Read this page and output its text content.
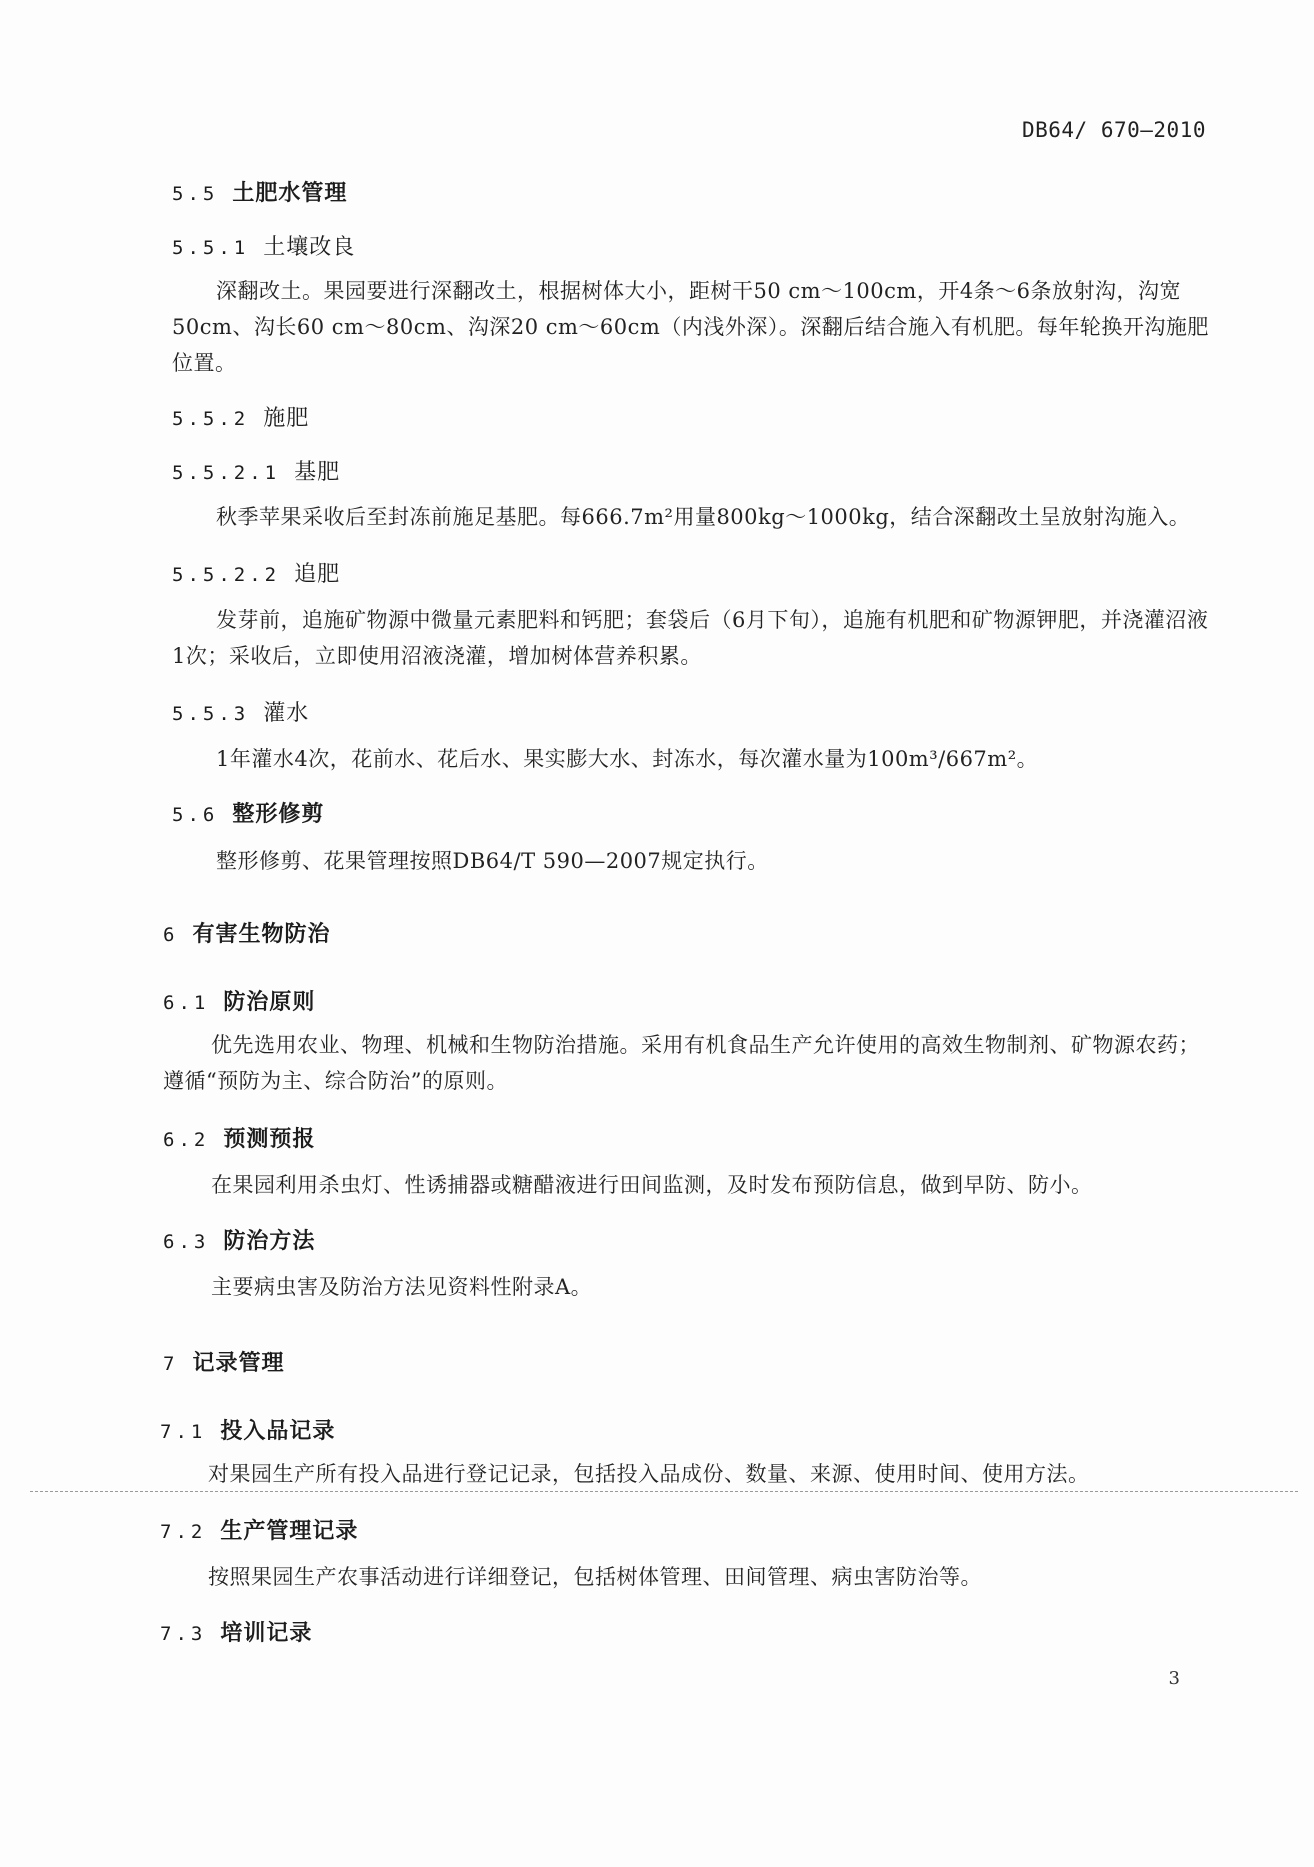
DB64/ 670—2010
5.5 土肥水管理
5.5.1 土壤改良
深翻改土。果园要进行深翻改土，根据树体大小，距树干50 cm～100cm，开4条～6条放射沟，沟宽50cm、沟长60 cm～80cm、沟深20 cm～60cm（内浅外深）。深翻后结合施入有机肥。每年轮换开沟施肥位置。
5.5.2 施肥
5.5.2.1 基肥
秋季苹果采收后至封冻前施足基肥。每666.7m²用量800kg～1000kg，结合深翻改土呈放射沟施入。
5.5.2.2 追肥
发芽前，追施矿物源中微量元素肥料和钙肥；套袋后（6月下旬），追施有机肥和矿物源钾肥，并浇灌沼液1次；采收后，立即使用沼液浇灌，增加树体营养积累。
5.5.3 灌水
1年灌水4次，花前水、花后水、果实膨大水、封冻水，每次灌水量为100m³/667m²。
5.6 整形修剪
整形修剪、花果管理按照DB64/T 590—2007规定执行。
6 有害生物防治
6.1 防治原则
优先选用农业、物理、机械和生物防治措施。采用有机食品生产允许使用的高效生物制剂、矿物源农药；遵循“预防为主、综合防治”的原则。
6.2 预测预报
在果园利用杀虫灯、性诱捕器或糖醋液进行田间监测，及时发布预防信息，做到早防、防小。
6.3 防治方法
主要病虫害及防治方法见资料性附录A。
7 记录管理
7.1 投入品记录
对果园生产所有投入品进行登记记录，包括投入品成份、数量、来源、使用时间、使用方法。
7.2 生产管理记录
按照果园生产农事活动进行详细登记，包括树体管理、田间管理、病虫害防治等。
7.3 培训记录
3
